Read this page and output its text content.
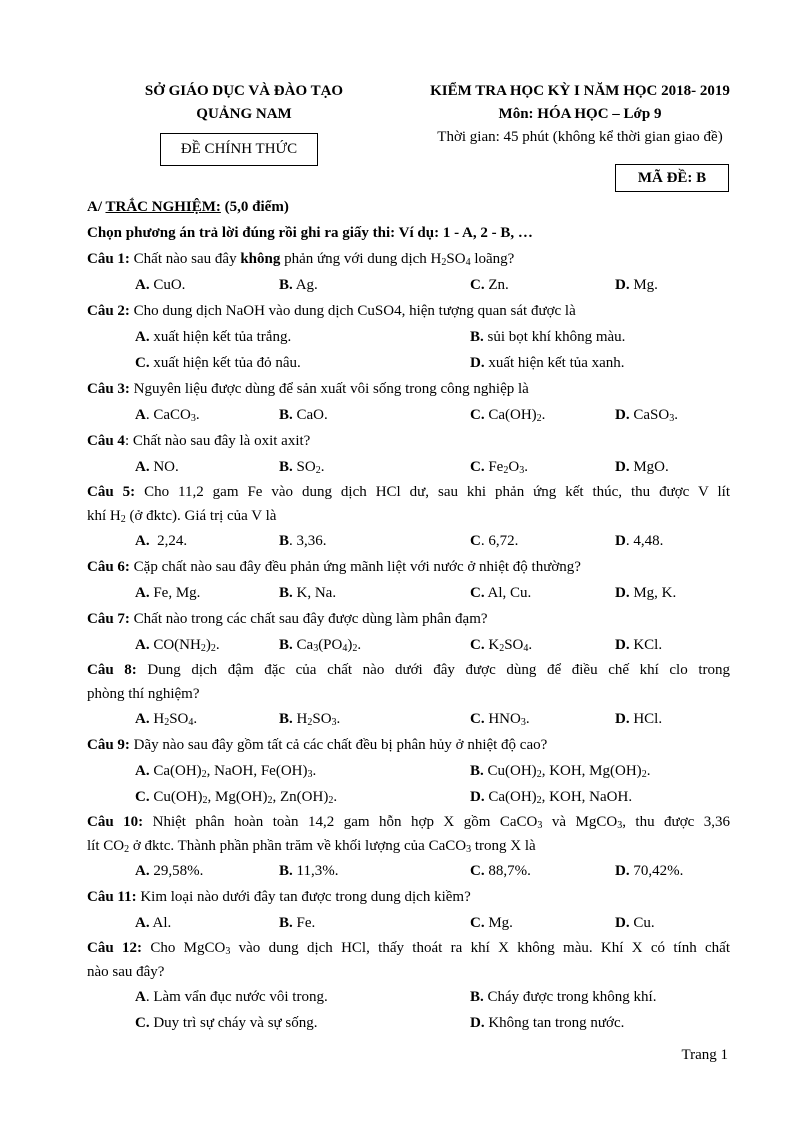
SỞ GIÁO DỤC VÀ ĐÀO TẠO
QUẢNG NAM
ĐỀ CHÍNH THỨC
KIỂM TRA HỌC KỲ I NĂM HỌC 2018- 2019
Môn: HÓA HỌC – Lớp 9
Thời gian: 45 phút (không kể thời gian giao đề)
MÃ ĐỀ: B
A/ TRẮC NGHIỆM: (5,0 điểm)
Chọn phương án trả lời đúng rồi ghi ra giấy thi: Ví dụ: 1 - A, 2 - B, …
Câu 1: Chất nào sau đây không phản ứng với dung dịch $H_2SO_4$ loãng?
A. CuO.	B. Ag.	C. Zn.	D. Mg.
Câu 2: Cho dung dịch NaOH vào dung dịch CuSO4, hiện tượng quan sát được là
A. xuất hiện kết tủa trắng.	B. sủi bọt khí không màu.
C. xuất hiện kết tủa đỏ nâu.	D. xuất hiện kết tủa xanh.
Câu 3: Nguyên liệu được dùng để sản xuất vôi sống trong công nghiệp là
A. CaCO$_3$.	B. CaO.	C. $Ca(OH)_2$.	D. CaSO$_3$.
Câu 4: Chất nào sau đây là oxit axit?
A. NO.	B. $SO_2$.	C. $Fe_2O_3$.	D. MgO.
Câu 5: Cho 11,2 gam Fe vào dung dịch HCl dư, sau khi phản ứng kết thúc, thu được V lít
khí $H_2$ (ở đktc). Giá trị của V là
A. 2,24.	B. 3,36.	C. 6,72.	D. 4,48.
Câu 6: Cặp chất nào sau đây đều phản ứng mãnh liệt với nước ở nhiệt độ thường?
A. Fe, Mg.	B. K, Na.	C. Al, Cu.	D. Mg, K.
Câu 7: Chất nào trong các chất sau đây được dùng làm phân đạm?
A. $CO(NH_2)_2$.	B. $Ca_3(PO_4)_2$.	C. $K_2SO_4$.	D. KCl.
Câu 8: Dung dịch đậm đặc của chất nào dưới đây được dùng để điều chế khí clo trong
phòng thí nghiệm?
A. $H_2SO_4$.	B. $H_2SO_3$.	C. $HNO_3$.	D. HCl.
Câu 9: Dãy nào sau đây gồm tất cả các chất đều bị phân hủy ở nhiệt độ cao?
A. $Ca(OH)_2$, NaOH, $Fe(OH)_3$.	B. $Cu(OH)_2$, KOH, $Mg(OH)_2$.
C. $Cu(OH)_2$, $Mg(OH)_2$, $Zn(OH)_2$.	D. $Ca(OH)_2$, KOH, NaOH.
Câu 10: Nhiệt phân hoàn toàn 14,2 gam hỗn hợp X gồm CaCO$_3$ và MgCO$_3$, thu được 3,36
lít $CO_2$ ở đktc. Thành phần phần trăm về khối lượng của CaCO$_3$ trong X là
A. 29,58%.	B. 11,3%.	C. 88,7%.	D. 70,42%.
Câu 11: Kim loại nào dưới đây tan được trong dung dịch kiềm?
A. Al.	B. Fe.	C. Mg.	D. Cu.
Câu 12: Cho MgCO$_3$ vào dung dịch HCl, thấy thoát ra khí X không màu. Khí X có tính chất
nào sau đây?
A. Làm vẩn đục nước vôi trong.	B. Cháy được trong không khí.
C. Duy trì sự cháy và sự sống.	D. Không tan trong nước.
Trang 1
